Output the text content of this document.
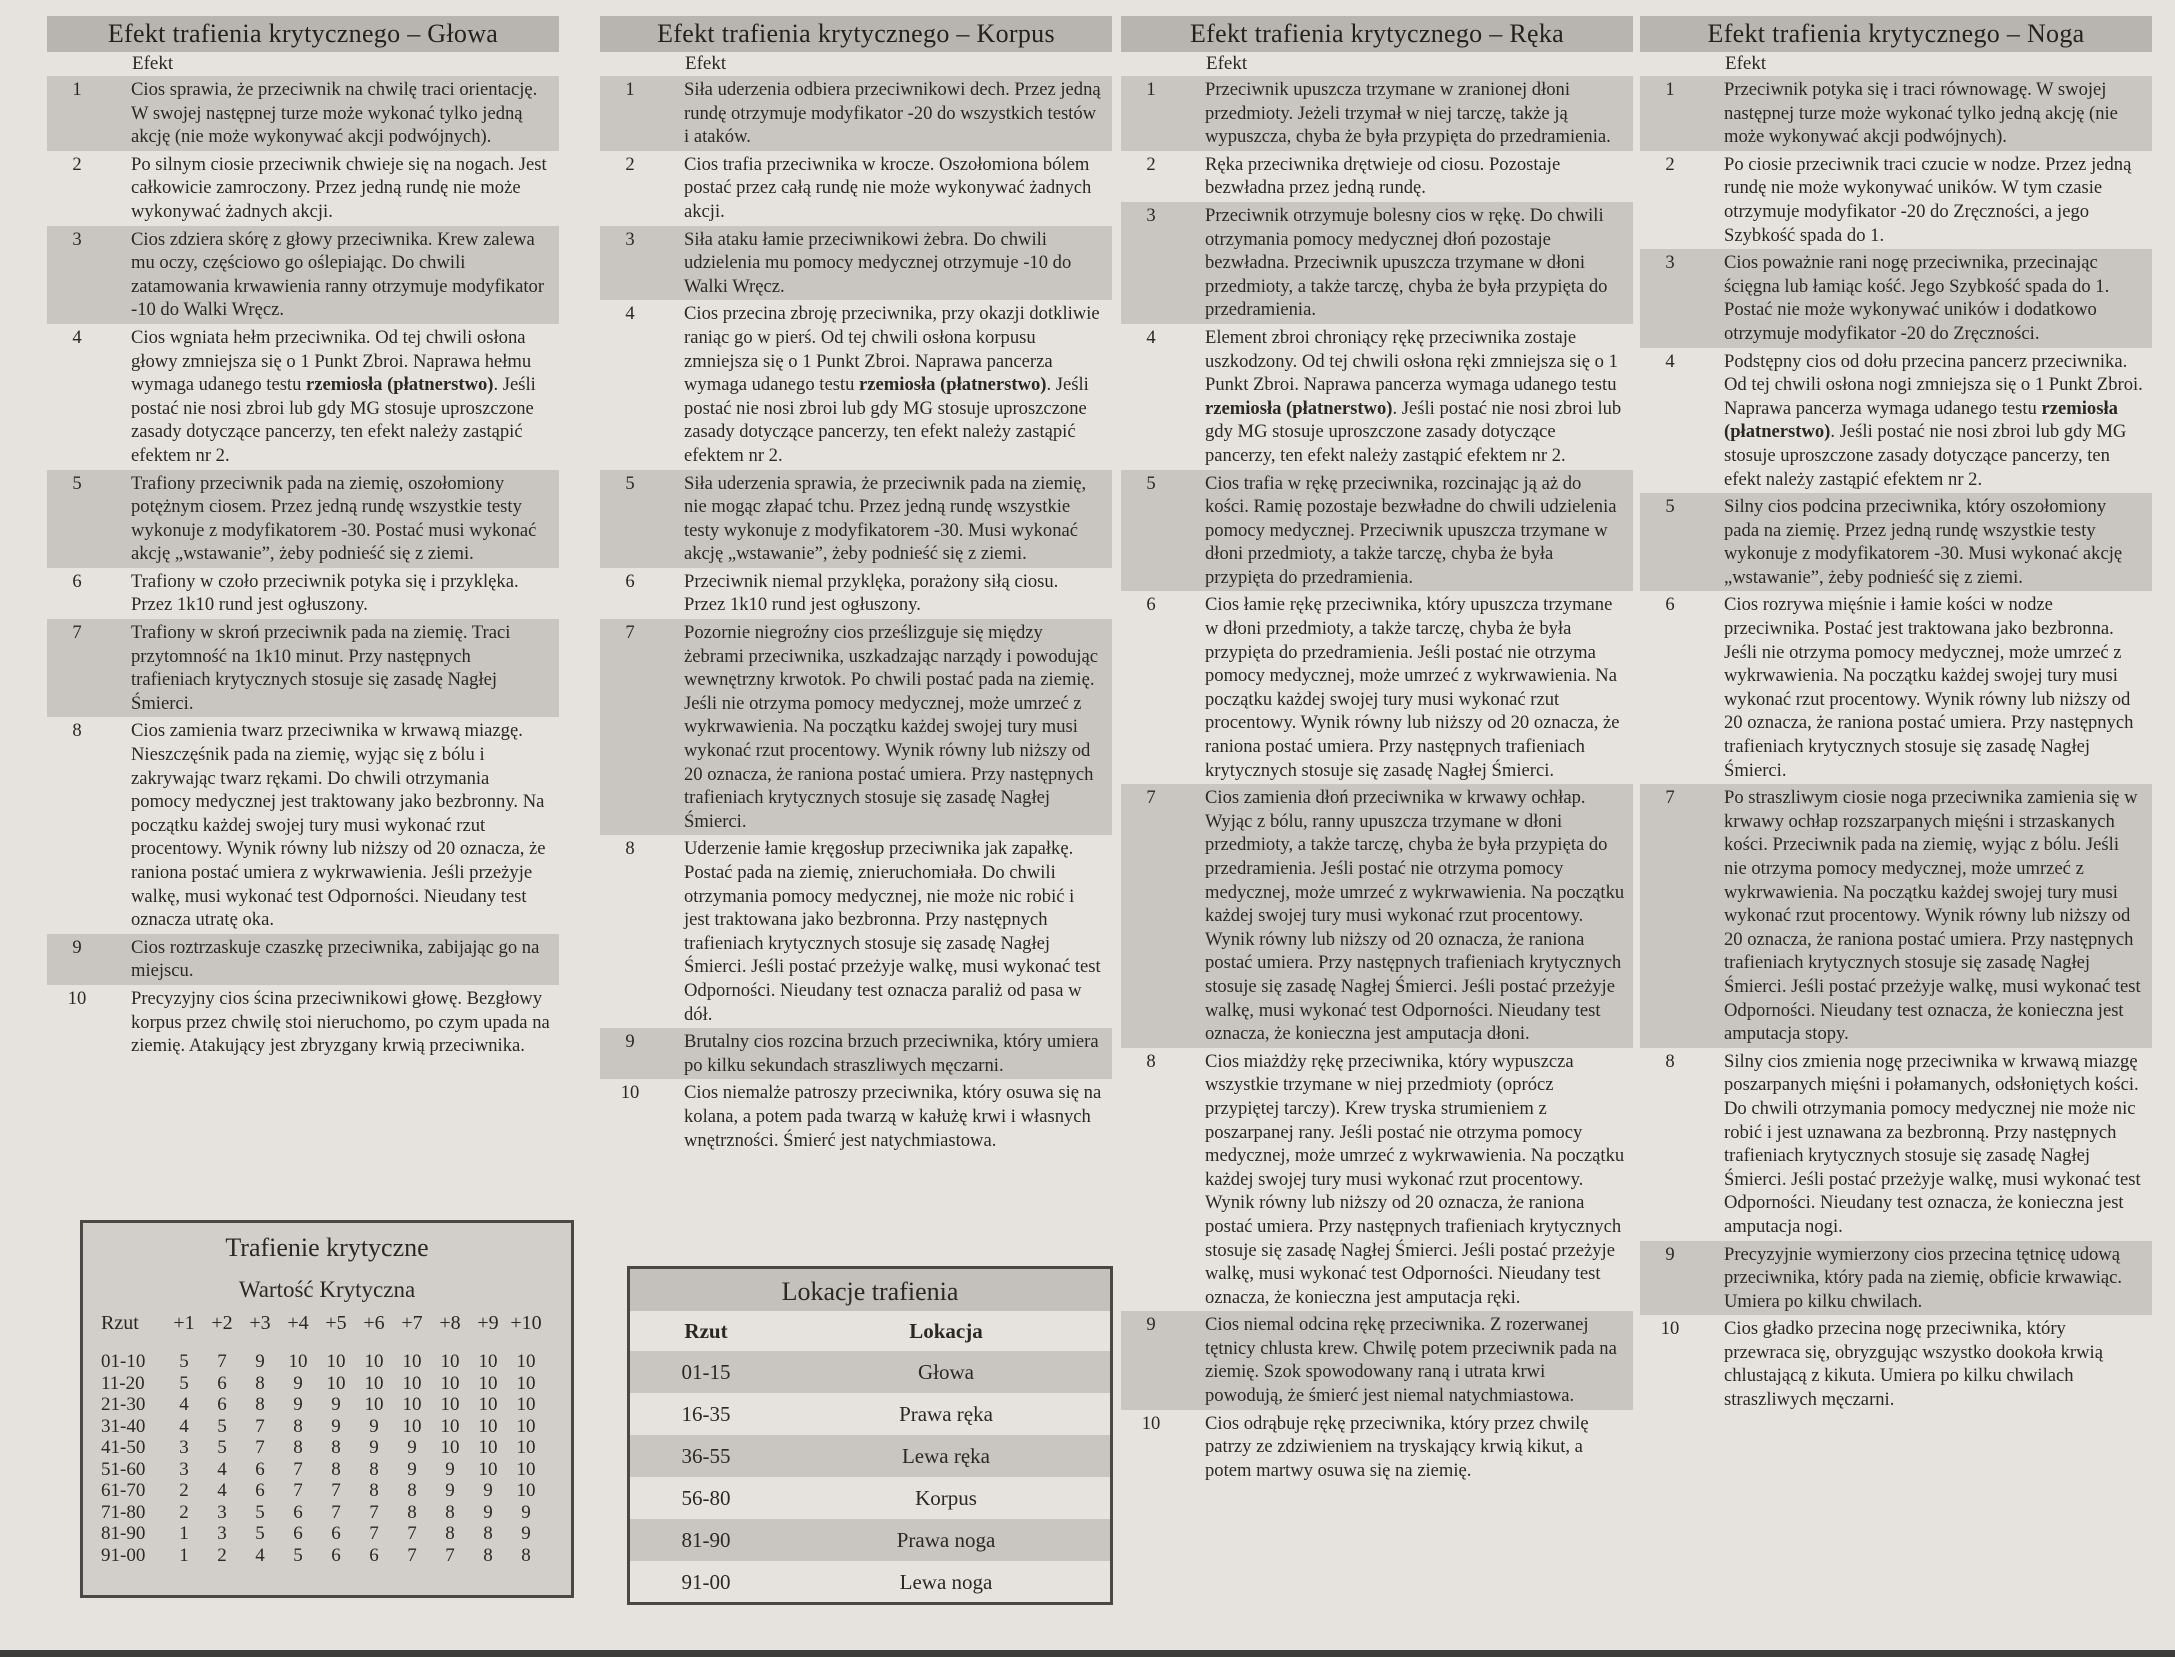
Efekt trafienia krytycznego – Głowa
Efekt
1	Cios sprawia, że przeciwnik na chwilę traci orientację. W swojej następnej turze może wykonać tylko jedną akcję (nie może wykonywać akcji podwójnych).
2	Po silnym ciosie przeciwnik chwieje się na nogach. Jest całkowicie zamroczony. Przez jedną rundę nie może wykonywać żadnych akcji.
3	Cios zdziera skórę z głowy przeciwnika. Krew zalewa mu oczy, częściowo go oślepiając. Do chwili zatamowania krwawienia ranny otrzymuje modyfikator -10 do Walki Wręcz.
4	Cios wgniata hełm przeciwnika. Od tej chwili osłona głowy zmniejsza się o 1 Punkt Zbroi. Naprawa hełmu wymaga udanego testu rzemiosła (płatnerstwo). Jeśli postać nie nosi zbroi lub gdy MG stosuje uproszczone zasady dotyczące pancerzy, ten efekt należy zastąpić efektem nr 2.
5	Trafiony przeciwnik pada na ziemię, oszołomiony potężnym ciosem. Przez jedną rundę wszystkie testy wykonuje z modyfikatorem -30. Postać musi wykonać akcję „wstawanie”, żeby podnieść się z ziemi.
6	Trafiony w czoło przeciwnik potyka się i przyklęka. Przez 1k10 rund jest ogłuszony.
7	Trafiony w skroń przeciwnik pada na ziemię. Traci przytomność na 1k10 minut. Przy następnych trafieniach krytycznych stosuje się zasadę Nagłej Śmierci.
8	Cios zamienia twarz przeciwnika w krwawą miazgę. Nieszczęśnik pada na ziemię, wyjąc się z bólu i zakrywając twarz rękami. Do chwili otrzymania pomocy medycznej jest traktowany jako bezbronny. Na początku każdej swojej tury musi wykonać rzut procentowy. Wynik równy lub niższy od 20 oznacza, że raniona postać umiera z wykrwawienia. Jeśli przeżyje walkę, musi wykonać test Odporności. Nieudany test oznacza utratę oka.
9	Cios roztrzaskuje czaszkę przeciwnika, zabijając go na miejscu.
10	Precyzyjny cios ścina przeciwnikowi głowę. Bezgłowy korpus przez chwilę stoi nieruchomo, po czym upada na ziemię. Atakujący jest zbryzgany krwią przeciwnika.
Efekt trafienia krytycznego – Korpus
Efekt
1	Siła uderzenia odbiera przeciwnikowi dech. Przez jedną rundę otrzymuje modyfikator -20 do wszystkich testów i ataków.
2	Cios trafia przeciwnika w krocze. Oszołomiona bólem postać przez całą rundę nie może wykonywać żadnych akcji.
3	Siła ataku łamie przeciwnikowi żebra. Do chwili udzielenia mu pomocy medycznej otrzymuje -10 do Walki Wręcz.
4	Cios przecina zbroję przeciwnika, przy okazji dotkliwie raniąc go w pierś. Od tej chwili osłona korpusu zmniejsza się o 1 Punkt Zbroi. Naprawa pancerza wymaga udanego testu rzemiosła (płatnerstwo). Jeśli postać nie nosi zbroi lub gdy MG stosuje uproszczone zasady dotyczące pancerzy, ten efekt należy zastąpić efektem nr 2.
5	Siła uderzenia sprawia, że przeciwnik pada na ziemię, nie mogąc złapać tchu. Przez jedną rundę wszystkie testy wykonuje z modyfikatorem -30. Musi wykonać akcję „wstawanie”, żeby podnieść się z ziemi.
6	Przeciwnik niemal przyklęka, porażony siłą ciosu. Przez 1k10 rund jest ogłuszony.
7	Pozornie niegroźny cios prześlizguje się między żebrami przeciwnika, uszkadzając narządy i powodując wewnętrzny krwotok. Po chwili postać pada na ziemię. Jeśli nie otrzyma pomocy medycznej, może umrzeć z wykrwawienia. Na początku każdej swojej tury musi wykonać rzut procentowy. Wynik równy lub niższy od 20 oznacza, że raniona postać umiera. Przy następnych trafieniach krytycznych stosuje się zasadę Nagłej Śmierci.
8	Uderzenie łamie kręgosłup przeciwnika jak zapałkę. Postać pada na ziemię, znieruchomiała. Do chwili otrzymania pomocy medycznej, nie może nic robić i jest traktowana jako bezbronna. Przy następnych trafieniach krytycznych stosuje się zasadę Nagłej Śmierci. Jeśli postać przeżyje walkę, musi wykonać test Odporności. Nieudany test oznacza paraliż od pasa w dół.
9	Brutalny cios rozcina brzuch przeciwnika, który umiera po kilku sekundach straszliwych męczarni.
10	Cios niemalże patroszy przeciwnika, który osuwa się na kolana, a potem pada twarzą w kałużę krwi i własnych wnętrzności. Śmierć jest natychmiastowa.
Efekt trafienia krytycznego – Ręka
Efekt
1	Przeciwnik upuszcza trzymane w zranionej dłoni przedmioty. Jeżeli trzymał w niej tarczę, także ją wypuszcza, chyba że była przypięta do przedramienia.
2	Ręka przeciwnika drętwieje od ciosu. Pozostaje bezwładna przez jedną rundę.
3	Przeciwnik otrzymuje bolesny cios w rękę. Do chwili otrzymania pomocy medycznej dłoń pozostaje bezwładna. Przeciwnik upuszcza trzymane w dłoni przedmioty, a także tarczę, chyba że była przypięta do przedramienia.
4	Element zbroi chroniący rękę przeciwnika zostaje uszkodzony. Od tej chwili osłona ręki zmniejsza się o 1 Punkt Zbroi. Naprawa pancerza wymaga udanego testu rzemiosła (płatnerstwo). Jeśli postać nie nosi zbroi lub gdy MG stosuje uproszczone zasady dotyczące pancerzy, ten efekt należy zastąpić efektem nr 2.
5	Cios trafia w rękę przeciwnika, rozcinając ją aż do kości. Ramię pozostaje bezwładne do chwili udzielenia pomocy medycznej. Przeciwnik upuszcza trzymane w dłoni przedmioty, a także tarczę, chyba że była przypięta do przedramienia.
6	Cios łamie rękę przeciwnika, który upuszcza trzymane w dłoni przedmioty, a także tarczę, chyba że była przypięta do przedramienia. Jeśli postać nie otrzyma pomocy medycznej, może umrzeć z wykrwawienia. Na początku każdej swojej tury musi wykonać rzut procentowy. Wynik równy lub niższy od 20 oznacza, że raniona postać umiera. Przy następnych trafieniach krytycznych stosuje się zasadę Nagłej Śmierci.
7	Cios zamienia dłoń przeciwnika w krwawy ochłap. Wyjąc z bólu, ranny upuszcza trzymane w dłoni przedmioty, a także tarczę, chyba że była przypięta do przedramienia. Jeśli postać nie otrzyma pomocy medycznej, może umrzeć z wykrwawienia. Na początku każdej swojej tury musi wykonać rzut procentowy. Wynik równy lub niższy od 20 oznacza, że raniona postać umiera. Przy następnych trafieniach krytycznych stosuje się zasadę Nagłej Śmierci. Jeśli postać przeżyje walkę, musi wykonać test Odporności. Nieudany test oznacza, że konieczna jest amputacja dłoni.
8	Cios miażdży rękę przeciwnika, który wypuszcza wszystkie trzymane w niej przedmioty (oprócz przypiętej tarczy). Krew tryska strumieniem z poszarpanej rany. Jeśli postać nie otrzyma pomocy medycznej, może umrzeć z wykrwawienia. Na początku każdej swojej tury musi wykonać rzut procentowy. Wynik równy lub niższy od 20 oznacza, że raniona postać umiera. Przy następnych trafieniach krytycznych stosuje się zasadę Nagłej Śmierci. Jeśli postać przeżyje walkę, musi wykonać test Odporności. Nieudany test oznacza, że konieczna jest amputacja ręki.
9	Cios niemal odcina rękę przeciwnika. Z rozerwanej tętnicy chlusta krew. Chwilę potem przeciwnik pada na ziemię. Szok spowodowany raną i utrata krwi powodują, że śmierć jest niemal natychmiastowa.
10	Cios odrąbuje rękę przeciwnika, który przez chwilę patrzy ze zdziwieniem na tryskający krwią kikut, a potem martwy osuwa się na ziemię.
Efekt trafienia krytycznego – Noga
Efekt
1	Przeciwnik potyka się i traci równowagę. W swojej następnej turze może wykonać tylko jedną akcję (nie może wykonywać akcji podwójnych).
2	Po ciosie przeciwnik traci czucie w nodze. Przez jedną rundę nie może wykonywać uników. W tym czasie otrzymuje modyfikator -20 do Zręczności, a jego Szybkość spada do 1.
3	Cios poważnie rani nogę przeciwnika, przecinając ścięgna lub łamiąc kość. Jego Szybkość spada do 1. Postać nie może wykonywać uników i dodatkowo otrzymuje modyfikator -20 do Zręczności.
4	Podstępny cios od dołu przecina pancerz przeciwnika. Od tej chwili osłona nogi zmniejsza się o 1 Punkt Zbroi. Naprawa pancerza wymaga udanego testu rzemiosła (płatnerstwo). Jeśli postać nie nosi zbroi lub gdy MG stosuje uproszczone zasady dotyczące pancerzy, ten efekt należy zastąpić efektem nr 2.
5	Silny cios podcina przeciwnika, który oszołomiony pada na ziemię. Przez jedną rundę wszystkie testy wykonuje z modyfikatorem -30. Musi wykonać akcję „wstawanie”, żeby podnieść się z ziemi.
6	Cios rozrywa mięśnie i łamie kości w nodze przeciwnika. Postać jest traktowana jako bezbronna. Jeśli nie otrzyma pomocy medycznej, może umrzeć z wykrwawienia. Na początku każdej swojej tury musi wykonać rzut procentowy. Wynik równy lub niższy od 20 oznacza, że raniona postać umiera. Przy następnych trafieniach krytycznych stosuje się zasadę Nagłej Śmierci.
7	Po straszliwym ciosie noga przeciwnika zamienia się w krwawy ochłap rozszarpanych mięśni i strzaskanych kości. Przeciwnik pada na ziemię, wyjąc z bólu. Jeśli nie otrzyma pomocy medycznej, może umrzeć z wykrwawienia. Na początku każdej swojej tury musi wykonać rzut procentowy. Wynik równy lub niższy od 20 oznacza, że raniona postać umiera. Przy następnych trafieniach krytycznych stosuje się zasadę Nagłej Śmierci. Jeśli postać przeżyje walkę, musi wykonać test Odporności. Nieudany test oznacza, że konieczna jest amputacja stopy.
8	Silny cios zmienia nogę przeciwnika w krwawą miazgę poszarpanych mięśni i połamanych, odsłoniętych kości. Do chwili otrzymania pomocy medycznej nie może nic robić i jest uznawana za bezbronną. Przy następnych trafieniach krytycznych stosuje się zasadę Nagłej Śmierci. Jeśli postać przeżyje walkę, musi wykonać test Odporności. Nieudany test oznacza, że konieczna jest amputacja nogi.
9	Precyzyjnie wymierzony cios przecina tętnicę udową przeciwnika, który pada na ziemię, obficie krwawiąc. Umiera po kilku chwilach.
10	Cios gładko przecina nogę przeciwnika, który przewraca się, obryzgując wszystko dookoła krwią chlustającą z kikuta. Umiera po kilku chwilach straszliwych męczarni.
Trafienie krytyczne
Wartość Krytyczna
Rzut	+1	+2	+3	+4	+5	+6	+7	+8	+9	+10

01-10	5	7	9	10	10	10	10	10	10	10
11-20	5	6	8	9	10	10	10	10	10	10
21-30	4	6	8	9	9	10	10	10	10	10
31-40	4	5	7	8	9	9	10	10	10	10
41-50	3	5	7	8	8	9	9	10	10	10
51-60	3	4	6	7	8	8	9	9	10	10
61-70	2	4	6	7	7	8	8	9	9	10
71-80	2	3	5	6	7	7	8	8	9	9
81-90	1	3	5	6	6	7	7	8	8	9
91-00	1	2	4	5	6	6	7	7	8	8
Lokacje trafienia
Rzut	Lokacja
01-15	Głowa
16-35	Prawa ręka
36-55	Lewa ręka
56-80	Korpus
81-90	Prawa noga
91-00	Lewa noga
